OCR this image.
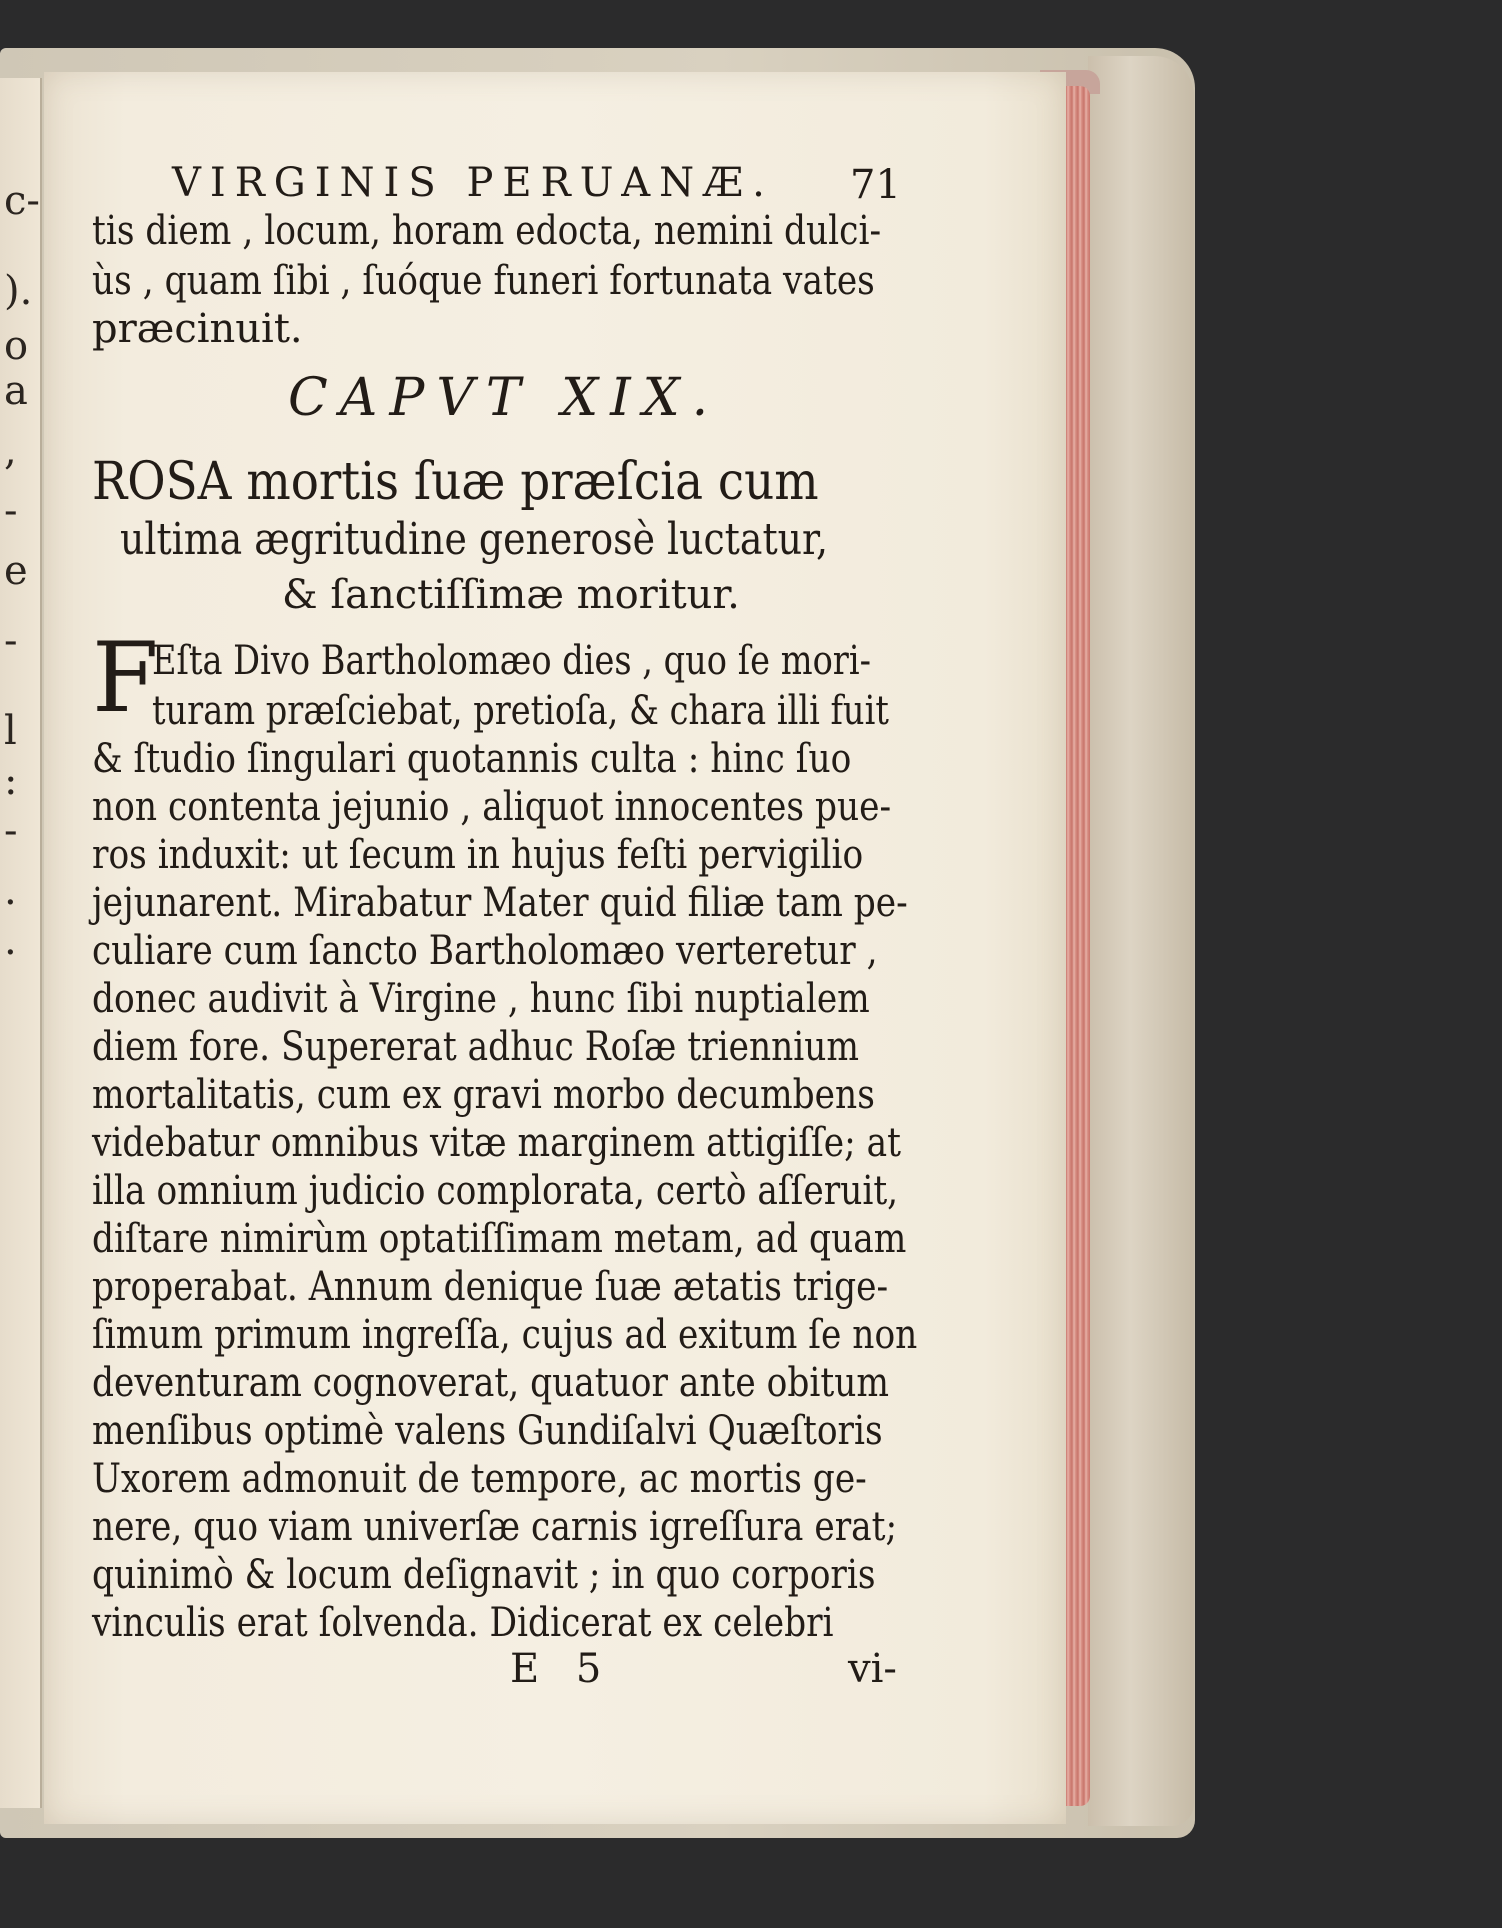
c-
).
o
a
,
-
e
-
l
:
-
.
.
VIRGINIS PERUANÆ. 71
tis diem , locum, horam edocta, nemini dulci-
ùs , quam ſibi , ſuóque funeri fortunata vates
præcinuit.
CAPVT XIX.
ROSA mortis ſuæ præſcia cum
ultima ægritudine generosè luctatur,
& ſanctiſſimæ moritur.
F
Eſta Divo Bartholomæo dies , quo ſe mori-
turam præſciebat, pretioſa, & chara illi fuit
& ſtudio ſingulari quotannis culta : hinc ſuo
non contenta jejunio , aliquot innocentes pue-
ros induxit: ut ſecum in hujus feſti pervigilio
jejunarent. Mirabatur Mater quid filiæ tam pe-
culiare cum ſancto Bartholomæo verteretur ,
donec audivit à Virgine , hunc ſibi nuptialem
diem fore. Supererat adhuc Roſæ triennium
mortalitatis, cum ex gravi morbo decumbens
videbatur omnibus vitæ marginem attigiſſe; at
illa omnium judicio complorata, certò aſſeruit,
diſtare nimirùm optatiſſimam metam, ad quam
properabat. Annum denique ſuæ ætatis trige-
ſimum primum ingreſſa, cujus ad exitum ſe non
deventuram cognoverat, quatuor ante obitum
menſibus optimè valens Gundiſalvi Quæſtoris
Uxorem admonuit de tempore, ac mortis ge-
nere, quo viam univerſæ carnis igreſſura erat;
quinimò & locum deſignavit ; in quo corporis
vinculis erat ſolvenda. Didicerat ex celebri
E 5	vi-
